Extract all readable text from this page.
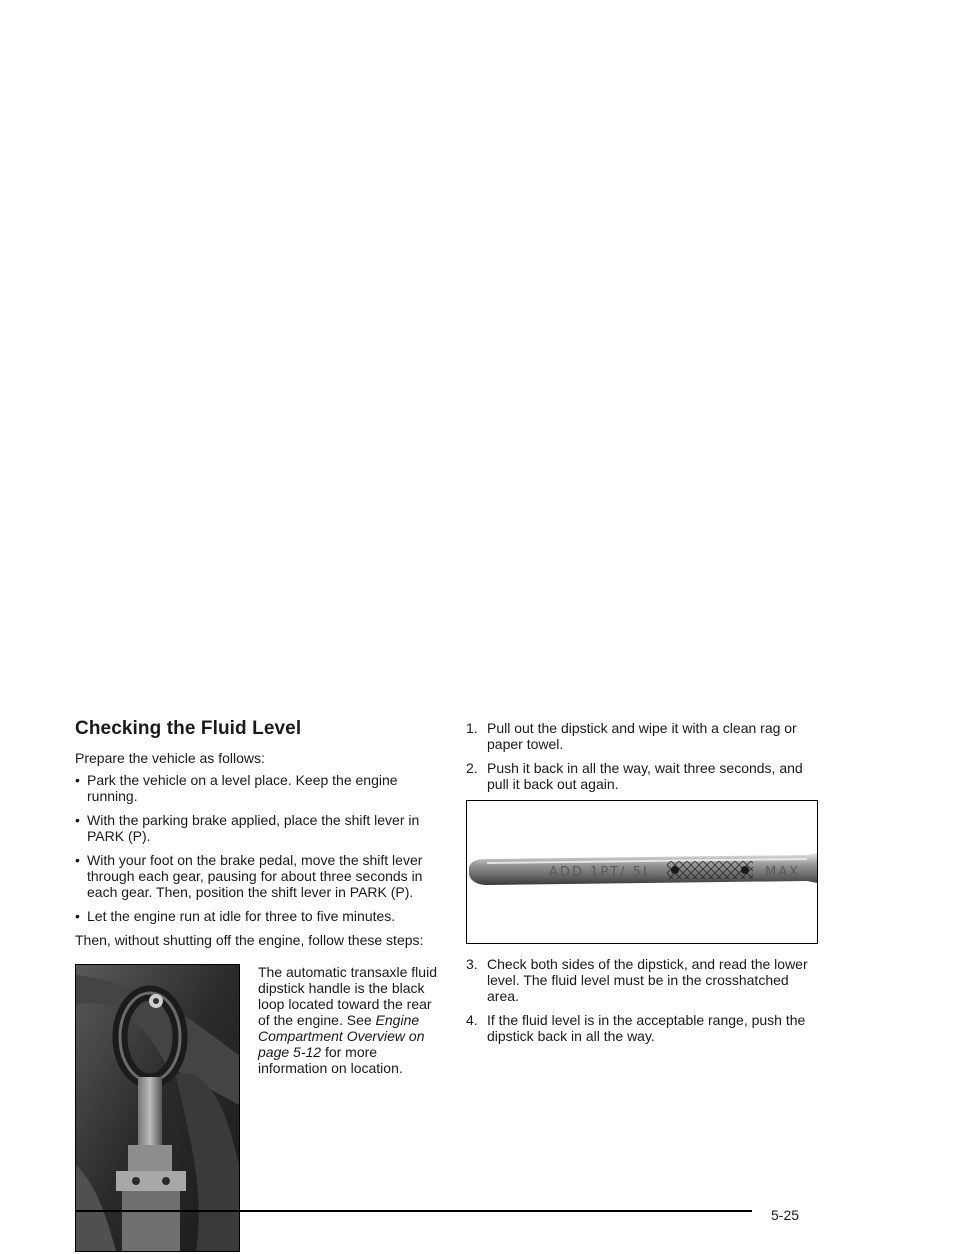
Checking the Fluid Level

Prepare the vehicle as follows:

• Park the vehicle on a level place. Keep the engine running.
• With the parking brake applied, place the shift lever in PARK (P).
• With your foot on the brake pedal, move the shift lever through each gear, pausing for about three seconds in each gear. Then, position the shift lever in PARK (P).
• Let the engine run at idle for three to five minutes.

Then, without shutting off the engine, follow these steps:

The automatic transaxle fluid dipstick handle is the black loop located toward the rear of the engine. See Engine Compartment Overview on page 5-12 for more information on location.
1. Pull out the dipstick and wipe it with a clean rag or paper towel.
2. Push it back in all the way, wait three seconds, and pull it back out again.
ADD 1PT/.5L	MAX
3. Check both sides of the dipstick, and read the lower level. The fluid level must be in the crosshatched area.
4. If the fluid level is in the acceptable range, push the dipstick back in all the way.
5-25
